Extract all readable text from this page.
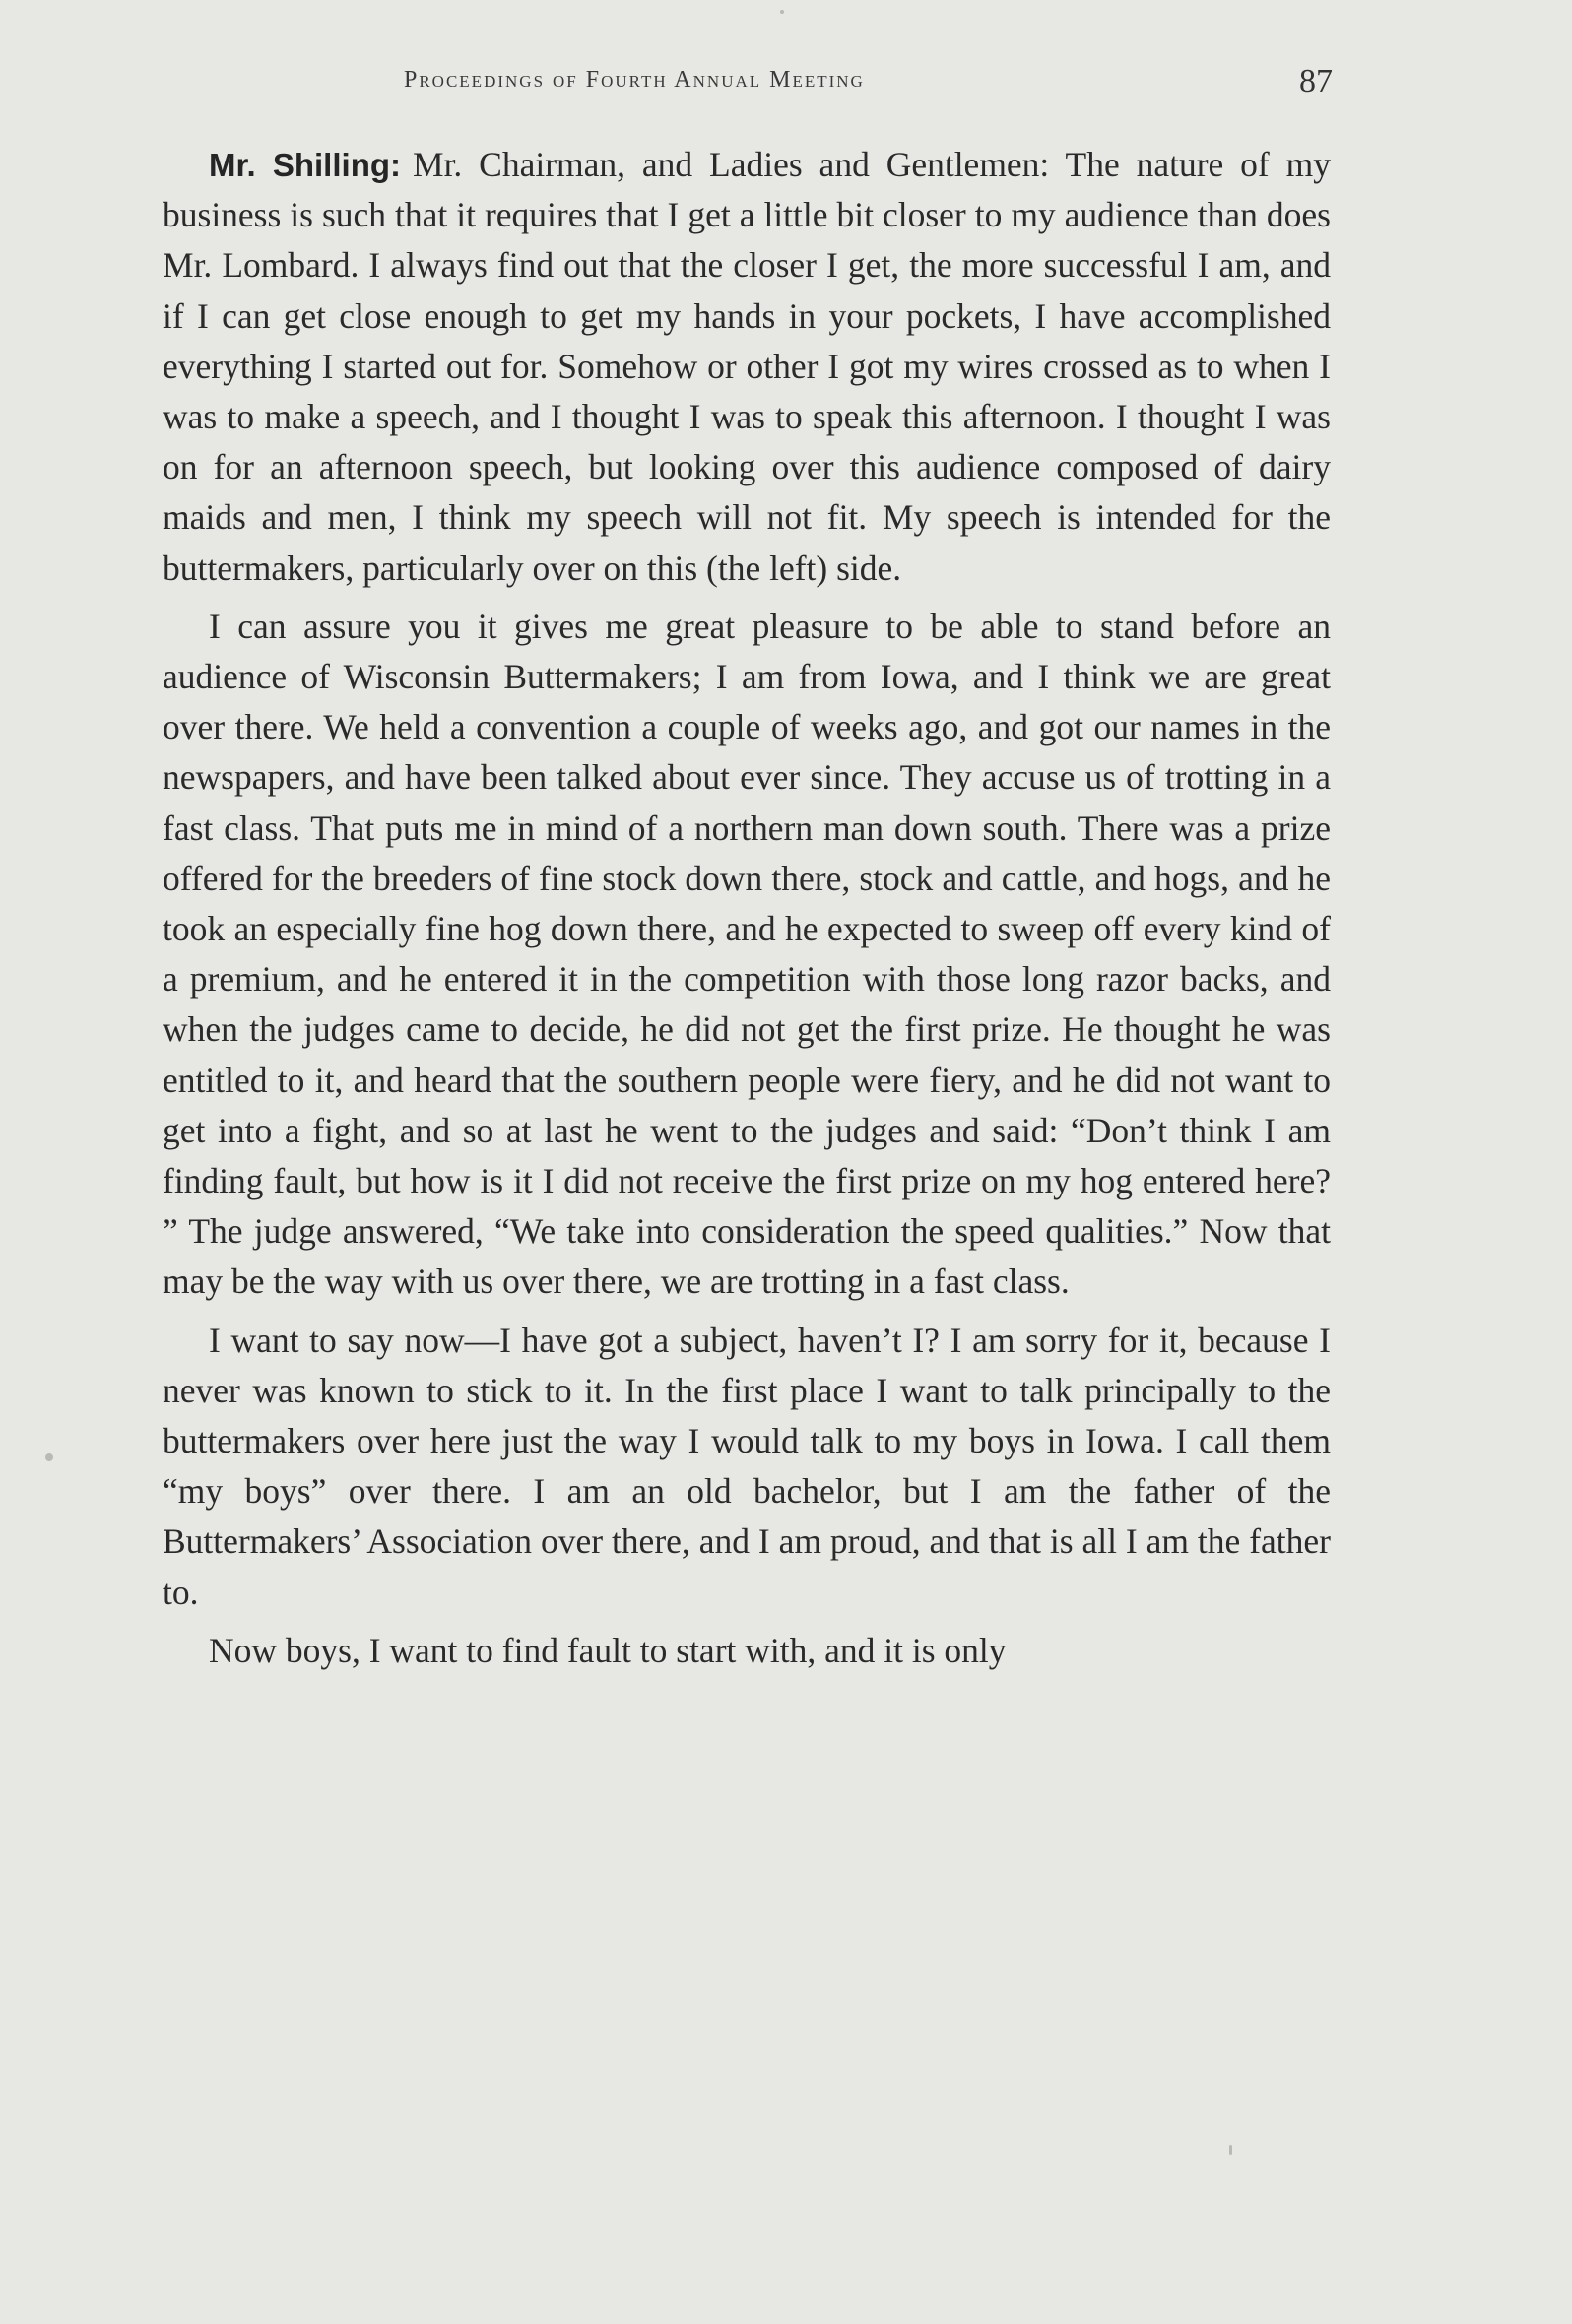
Proceedings of Fourth Annual Meeting	87

Mr. Shilling: Mr. Chairman, and Ladies and Gentlemen: The nature of my business is such that it requires that I get a little bit closer to my audience than does Mr. Lombard. I always find out that the closer I get, the more successful I am, and if I can get close enough to get my hands in your pockets, I have accomplished everything I started out for. Somehow or other I got my wires crossed as to when I was to make a speech, and I thought I was to speak this afternoon. I thought I was on for an afternoon speech, but looking over this audience composed of dairy maids and men, I think my speech will not fit. My speech is intended for the buttermakers, particularly over on this (the left) side.

I can assure you it gives me great pleasure to be able to stand before an audience of Wisconsin Buttermakers; I am from Iowa, and I think we are great over there. We held a convention a couple of weeks ago, and got our names in the newspapers, and have been talked about ever since. They accuse us of trotting in a fast class. That puts me in mind of a northern man down south. There was a prize offered for the breeders of fine stock down there, stock and cattle, and hogs, and he took an especially fine hog down there, and he expected to sweep off every kind of a premium, and he entered it in the competition with those long razor backs, and when the judges came to decide, he did not get the first prize. He thought he was entitled to it, and heard that the southern people were fiery, and he did not want to get into a fight, and so at last he went to the judges and said: “Don’t think I am finding fault, but how is it I did not receive the first prize on my hog entered here? ” The judge answered, “We take into consideration the speed qualities.” Now that may be the way with us over there, we are trotting in a fast class.

I want to say now—I have got a subject, haven’t I? I am sorry for it, because I never was known to stick to it. In the first place I want to talk principally to the buttermakers over here just the way I would talk to my boys in Iowa. I call them “my boys” over there. I am an old bachelor, but I am the father of the Buttermakers’ Association over there, and I am proud, and that is all I am the father to.

Now boys, I want to find fault to start with, and it is only
